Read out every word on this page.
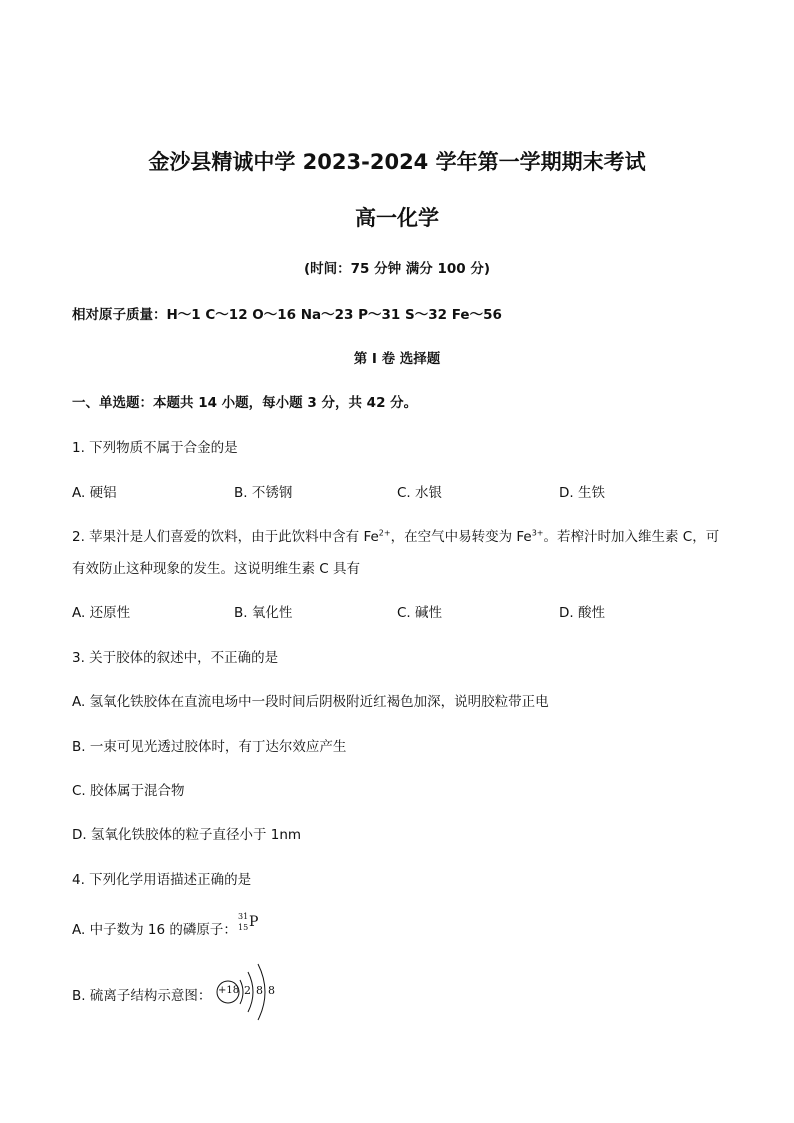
金沙县精诚中学 2023-2024 学年第一学期期末考试
高一化学
(时间：75 分钟 满分 100 分)
相对原子质量：H～1 C～12 O～16 Na～23 P～31 S～32 Fe～56
第 I 卷 选择题
一、单选题：本题共 14 小题，每小题 3 分，共 42 分。
1. 下列物质不属于合金的是
A. 硬铝	B. 不锈钢	C. 水银	D. 生铁
2. 苹果汁是人们喜爱的饮料，由于此饮料中含有 $Fe^{2+}$，在空气中易转变为 $Fe^{3+}$。若榨汁时加入维生素 C，可
有效防止这种现象的发生。这说明维生素 C 具有
A. 还原性	B. 氧化性	C. 碱性	D. 酸性
3. 关于胶体的叙述中，不正确的是
A. 氢氧化铁胶体在直流电场中一段时间后阴极附近红褐色加深，说明胶粒带正电
B. 一束可见光透过胶体时，有丁达尔效应产生
C. 胶体属于混合物
D. 氢氧化铁胶体的粒子直径小于 1nm
4. 下列化学用语描述正确的是
A. 中子数为 16 的磷原子：
31
15 P
B. 硫离子结构示意图： +18 2 8 8
